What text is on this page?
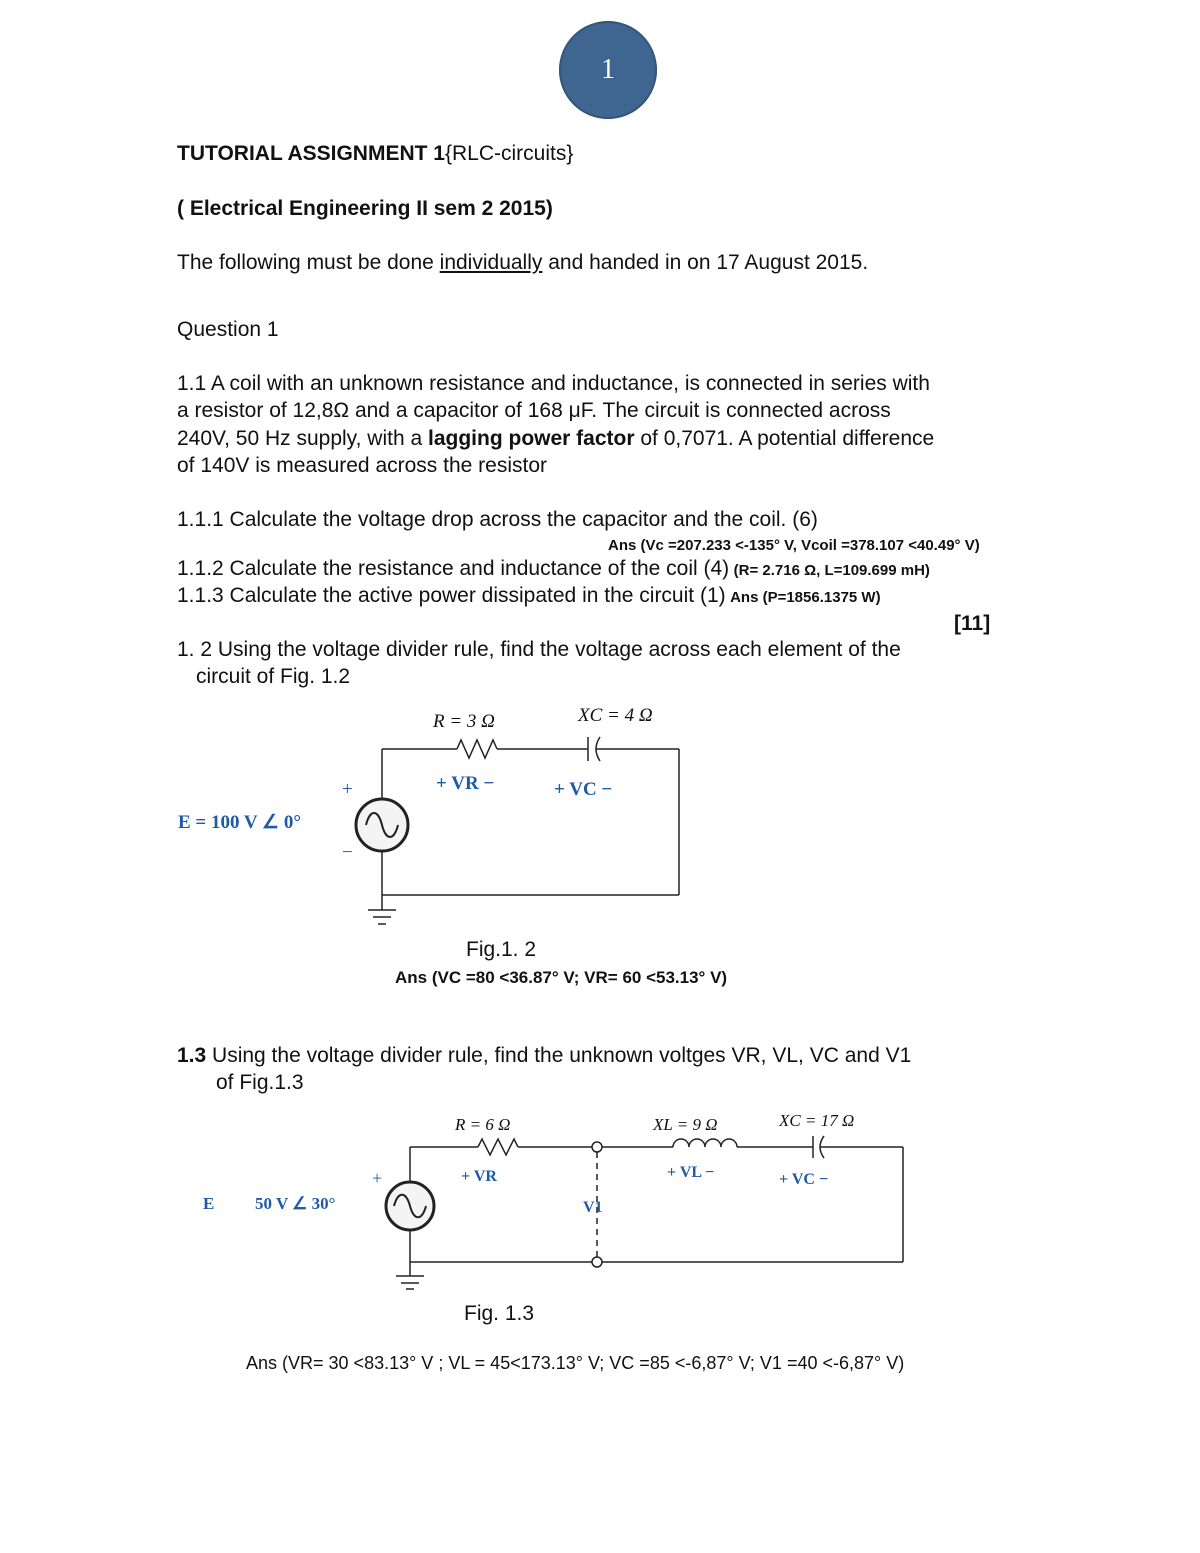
1
TUTORIAL ASSIGNMENT 1{RLC-circuits}
( Electrical Engineering II sem 2 2015)
The following must be done individually and handed in on 17 August 2015.
Question 1
1.1 A coil with an unknown resistance and inductance, is connected in series with
a resistor of 12,8Ω and a capacitor of 168 μF. The circuit is connected across
240V, 50 Hz supply, with a lagging power factor of 0,7071. A potential difference
of 140V is measured across the resistor
1.1.1 Calculate the voltage drop across the capacitor and the coil. (6)
Ans (Vc =207.233 <-135° V, Vcoil =378.107 <40.49° V)
1.1.2 Calculate the resistance and inductance of the coil (4) (R= 2.716 Ω, L=109.699 mH)
1.1.3 Calculate the active power dissipated in the circuit (1) Ans (P=1856.1375 W)
[11]
1. 2 Using the voltage divider rule, find the voltage across each element of the
circuit of Fig. 1.2
R = 3 Ω	XC = 4 Ω
+ VR −	+ VC −
+
−
E = 100 V ∠ 0°
Fig.1. 2
Ans (VC =80 <36.87° V; VR= 60 <53.13° V)
1.3 Using the voltage divider rule, find the unknown voltges VR, VL, VC and V1
of Fig.1.3
R = 6 Ω	XL = 9 Ω	XC = 17 Ω
+ VR	+ VL −	+ VC −
V1
+
E 50 V ∠ 30°
Fig. 1.3
Ans (VR= 30 <83.13° V ; VL = 45<173.13° V; VC =85 <-6,87° V; V1 =40 <-6,87° V)
